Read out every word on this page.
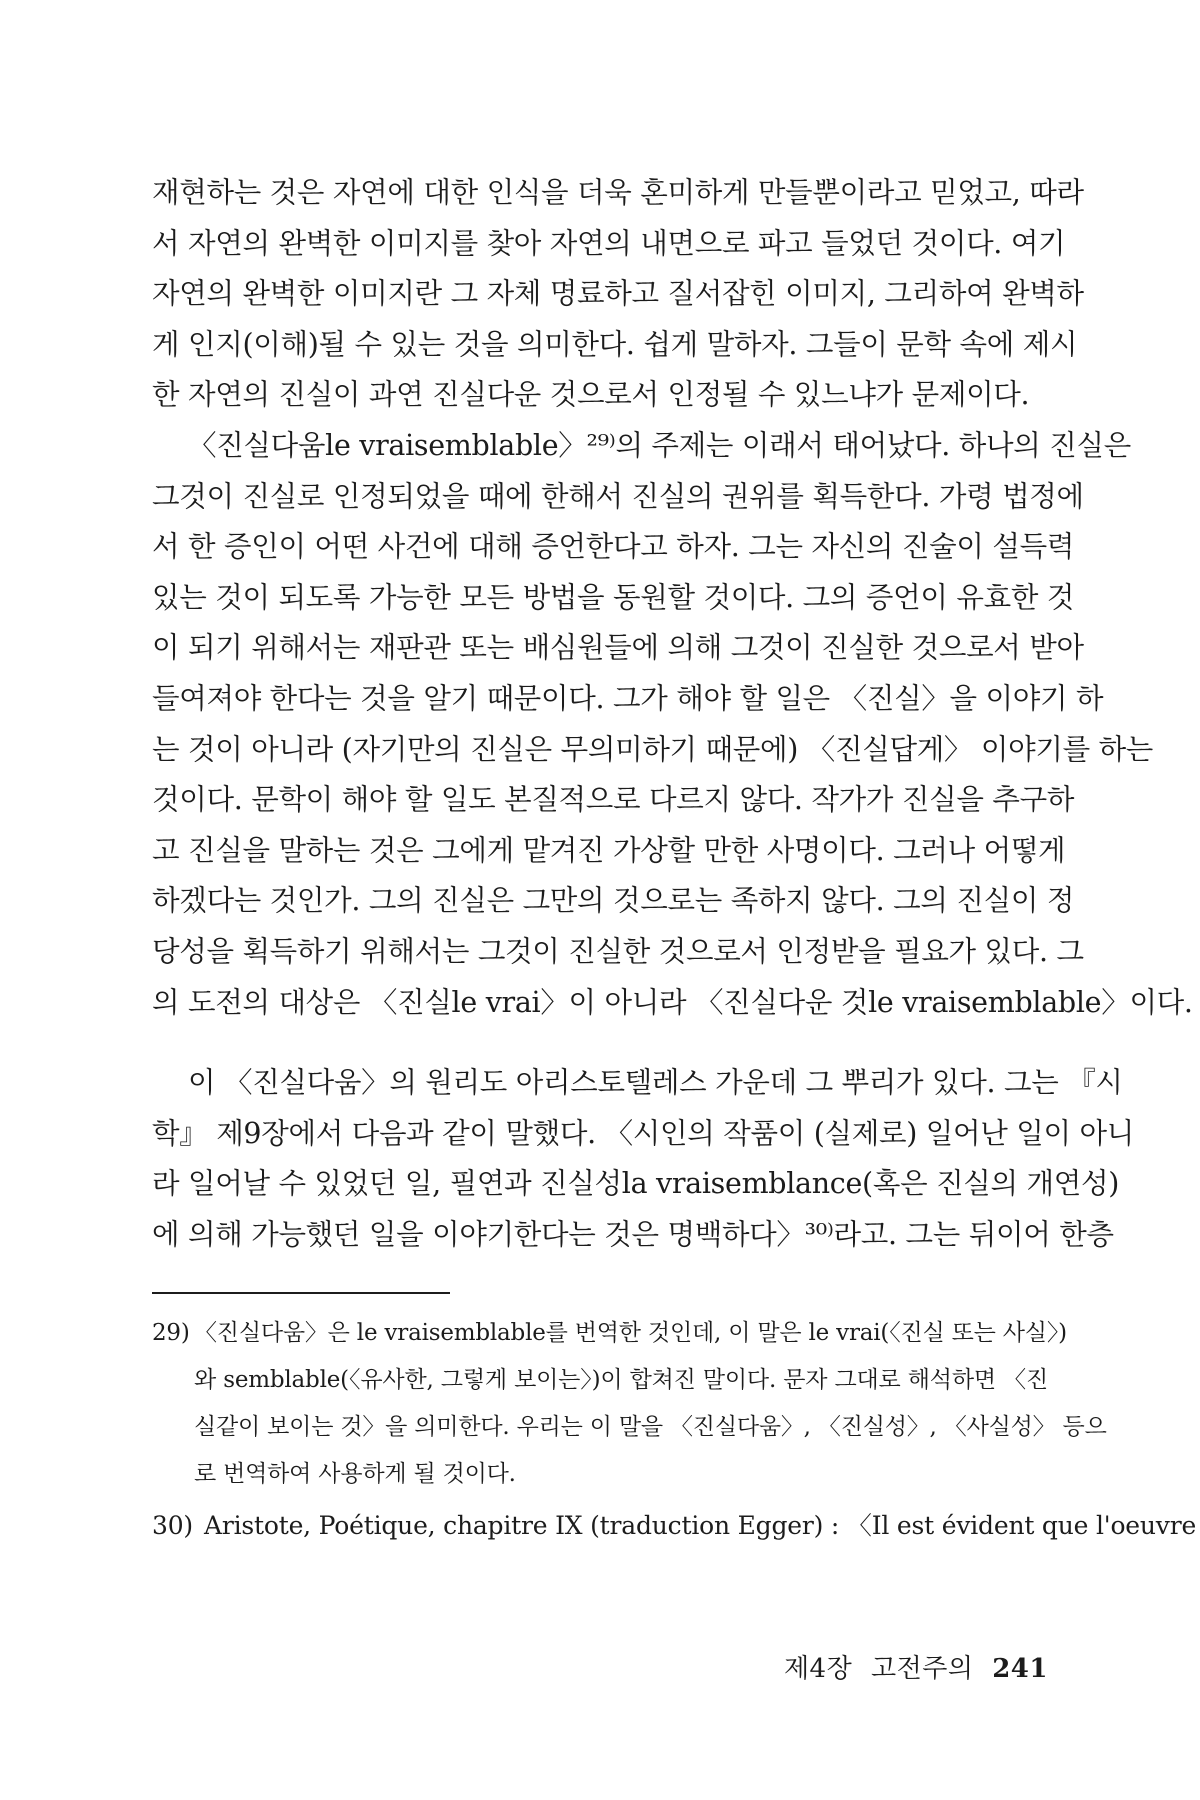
재현하는 것은 자연에 대한 인식을 더욱 혼미하게 만들뿐이라고 믿었고, 따라
서 자연의 완벽한 이미지를 찾아 자연의 내면으로 파고 들었던 것이다. 여기
자연의 완벽한 이미지란 그 자체 명료하고 질서잡힌 이미지, 그리하여 완벽하
게 인지(이해)될 수 있는 것을 의미한다. 쉽게 말하자. 그들이 문학 속에 제시
한 자연의 진실이 과연 진실다운 것으로서 인정될 수 있느냐가 문제이다.
〈진실다움le vraisemblable〉²⁹⁾의 주제는 이래서 태어났다. 하나의 진실은
그것이 진실로 인정되었을 때에 한해서 진실의 권위를 획득한다. 가령 법정에
서 한 증인이 어떤 사건에 대해 증언한다고 하자. 그는 자신의 진술이 설득력
있는 것이 되도록 가능한 모든 방법을 동원할 것이다. 그의 증언이 유효한 것
이 되기 위해서는 재판관 또는 배심원들에 의해 그것이 진실한 것으로서 받아
들여져야 한다는 것을 알기 때문이다. 그가 해야 할 일은 〈진실〉을 이야기 하
는 것이 아니라 (자기만의 진실은 무의미하기 때문에) 〈진실답게〉 이야기를 하는
것이다. 문학이 해야 할 일도 본질적으로 다르지 않다. 작가가 진실을 추구하
고 진실을 말하는 것은 그에게 맡겨진 가상할 만한 사명이다. 그러나 어떻게
하겠다는 것인가. 그의 진실은 그만의 것으로는 족하지 않다. 그의 진실이 정
당성을 획득하기 위해서는 그것이 진실한 것으로서 인정받을 필요가 있다. 그
의 도전의 대상은 〈진실le vrai〉이 아니라 〈진실다운 것le vraisemblable〉이다.
이 〈진실다움〉의 원리도 아리스토텔레스 가운데 그 뿌리가 있다. 그는 『시
학』 제9장에서 다음과 같이 말했다. 〈시인의 작품이 (실제로) 일어난 일이 아니
라 일어날 수 있었던 일, 필연과 진실성la vraisemblance(혹은 진실의 개연성)
에 의해 가능했던 일을 이야기한다는 것은 명백하다〉³⁰⁾라고. 그는 뒤이어 한층
29) 〈진실다움〉은 le vraisemblable를 번역한 것인데, 이 말은 le vrai(〈진실 또는 사실〉)
와 semblable(〈유사한, 그렇게 보이는〉)이 합쳐진 말이다. 문자 그대로 해석하면 〈진
실같이 보이는 것〉을 의미한다. 우리는 이 말을 〈진실다움〉, 〈진실성〉, 〈사실성〉 등으
로 번역하여 사용하게 될 것이다.
30) Aristote, Poétique, chapitre IX (traduction Egger) : 〈Il est évident que l'oeuvre
제4장 고전주의 241
